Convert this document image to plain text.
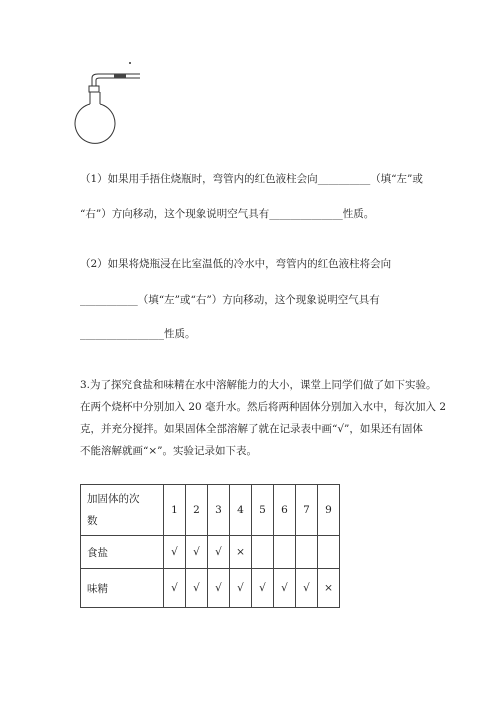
（1）如果用手捂住烧瓶时，弯管内的红色液柱会向__________（填“左”或
“右”）方向移动，这个现象说明空气具有______________性质。
（2）如果将烧瓶浸在比室温低的冷水中，弯管内的红色液柱将会向
___________（填“左”或“右”）方向移动，这个现象说明空气具有
________________性质。
3.为了探究食盐和味精在水中溶解能力的大小，课堂上同学们做了如下实验。
在两个烧杯中分别加入 20 毫升水。然后将两种固体分别加入水中，每次加入 2
克，并充分搅拌。如果固体全部溶解了就在记录表中画“√”，如果还有固体
不能溶解就画“×”。实验记录如下表。
加固体的次
数	1	2	3	4	5	6	7	9
食盐	√	√	√	×				
味精	√	√	√	√	√	√	√	×
